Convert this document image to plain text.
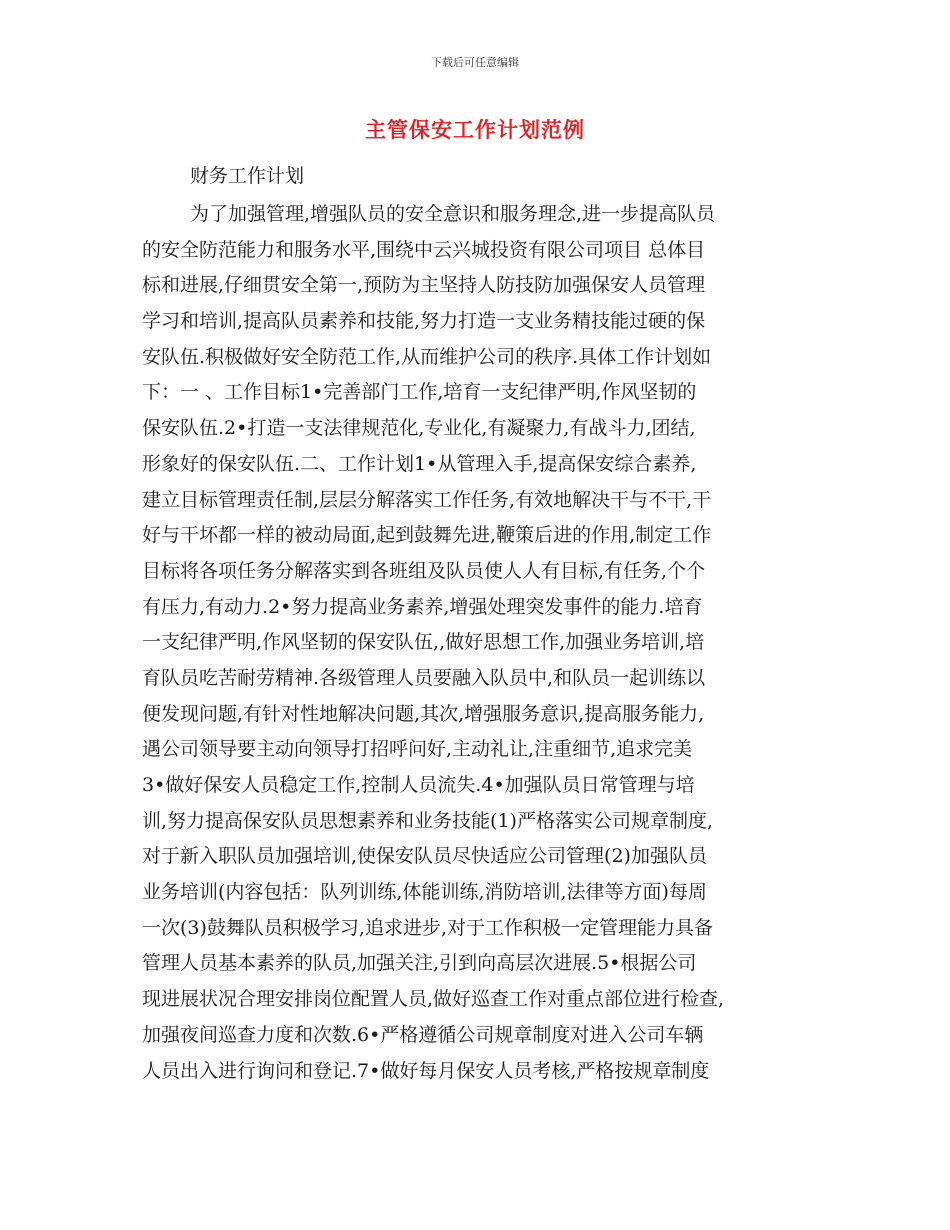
下载后可任意编辑
主管保安工作计划范例
财务工作计划
为了加强管理,增强队员的安全意识和服务理念,进一步提高队员
的安全防范能力和服务水平,围绕中云兴城投资有限公司项目 总体目
标和进展,仔细贯安全第一,预防为主坚持人防技防加强保安人员管理
学习和培训,提高队员素养和技能,努力打造一支业务精技能过硬的保
安队伍.积极做好安全防范工作,从而维护公司的秩序.具体工作计划如
下：一 、工作目标1•完善部门工作,培育一支纪律严明,作风坚韧的
保安队伍.2•打造一支法律规范化,专业化,有凝聚力,有战斗力,团结,
形象好的保安队伍.二、工作计划1•从管理入手,提高保安综合素养,
建立目标管理责任制,层层分解落实工作任务,有效地解决干与不干,干
好与干坏都一样的被动局面,起到鼓舞先进,鞭策后进的作用,制定工作
目标将各项任务分解落实到各班组及队员使人人有目标,有任务,个个
有压力,有动力.2•努力提高业务素养,增强处理突发事件的能力.培育
一支纪律严明,作风坚韧的保安队伍,,做好思想工作,加强业务培训,培
育队员吃苦耐劳精神.各级管理人员要融入队员中,和队员一起训练以
便发现问题,有针对性地解决问题,其次,增强服务意识,提高服务能力,
遇公司领导要主动向领导打招呼问好,主动礼让,注重细节,追求完美
3•做好保安人员稳定工作,控制人员流失.4•加强队员日常管理与培
训,努力提高保安队员思想素养和业务技能(1)严格落实公司规章制度,
对于新入职队员加强培训,使保安队员尽快适应公司管理(2)加强队员
业务培训(内容包括：队列训练,体能训练,消防培训,法律等方面)每周
一次(3)鼓舞队员积极学习,追求进步,对于工作积极一定管理能力具备
管理人员基本素养的队员,加强关注,引到向高层次进展.5•根据公司
现进展状况合理安排岗位配置人员,做好巡查工作对重点部位进行检查,
加强夜间巡查力度和次数.6•严格遵循公司规章制度对进入公司车辆
人员出入进行询问和登记.7•做好每月保安人员考核,严格按规章制度
